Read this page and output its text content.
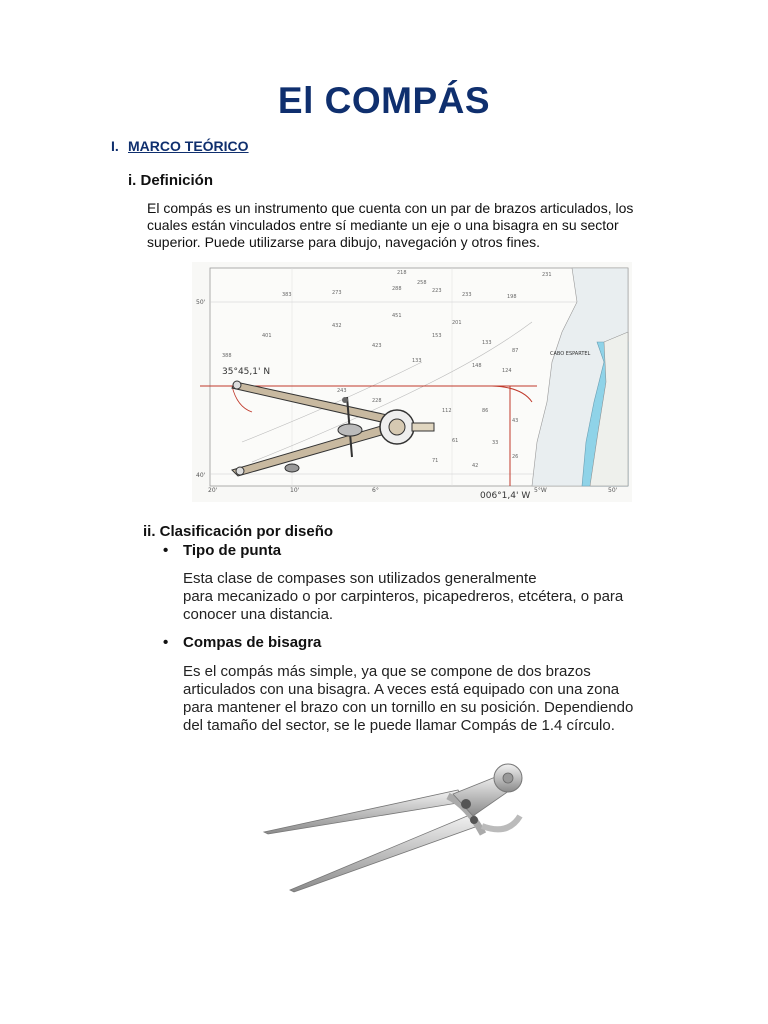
El COMPÁS
I. MARCO TEÓRICO
i. Definición
El compás es un instrumento que cuenta con un par de brazos articulados, los
cuales están vinculados entre sí mediante un eje o una bisagra en su sector
superior. Puede utilizarse para dibujo, navegación y otros fines.
218
258
223
383	273
288
233	198
231
432
451
201
401
423
153
133
87
388
133
148
124
243
228
112	86
43
61	33
71
42
26
CABO ESPARTEL
35°45,1' N
006°1,4' W
20'	10'	6°	5°W	50'
50'
40'
ii. Clasificación por diseño
• Tipo de punta
Esta clase de compases son utilizados generalmente
para mecanizado o por carpinteros, picapedreros, etcétera, o para
conocer una distancia.
• Compas de bisagra
Es el compás más simple, ya que se compone de dos brazos
articulados con una bisagra. A veces está equipado con una zona
para mantener el brazo con un tornillo en su posición. Dependiendo
del tamaño del sector, se le puede llamar Compás de 1.4 círculo.
